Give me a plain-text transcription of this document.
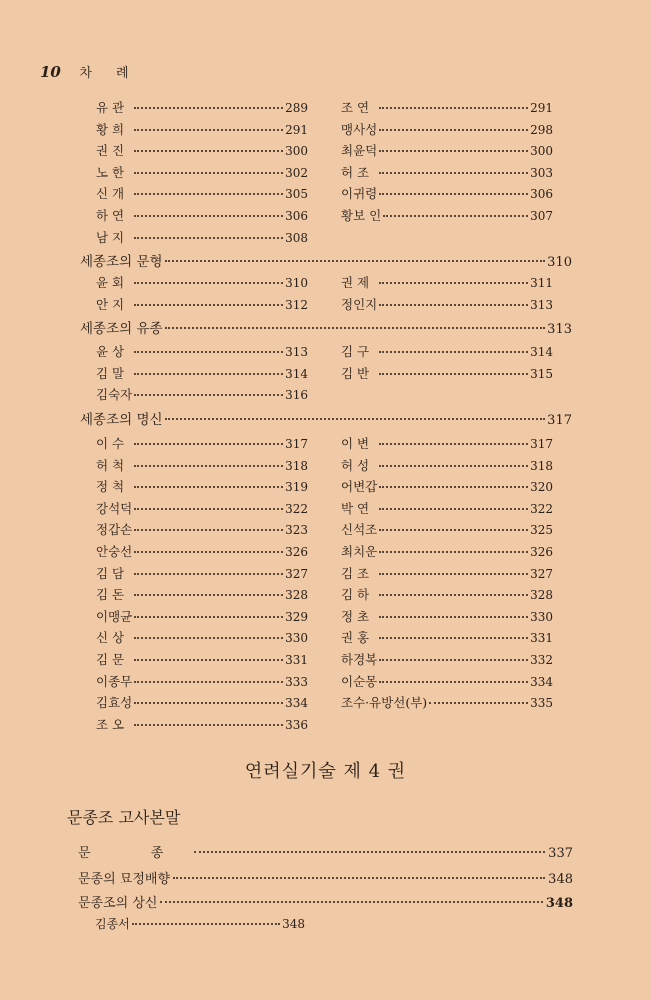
10 차 례
유 관	289	조 연	291
황 희	291	맹사성	298
권 진	300	최윤덕	300
노 한	302	허 조	303
신 개	305	이귀령	306
하 연	306	황보 인	307
남 지	308
세종조의 문형	310
윤 회	310	권 제	311
안 지	312	정인지	313
세종조의 유종	313
윤 상	313	김 구	314
김 말	314	김 반	315
김숙자	316
세종조의 명신	317
이 수	317	이 변	317
허 척	318	허 성	318
정 척	319	어변갑	320
강석덕	322	박 연	322
정갑손	323	신석조	325
안숭선	326	최치운	326
김 담	327	김 조	327
김 돈	328	김 하	328
이맹균	329	정 초	330
신 상	330	권 홍	331
김 문	331	하경복	332
이종무	333	이순몽	334
김효성	334	조수·유방선(부)	335
조 오	336
연려실기술 제 4 권
문종조 고사본말
문 종	337
문종의 묘정배향	348
문종조의 상신	348
김종서	348
